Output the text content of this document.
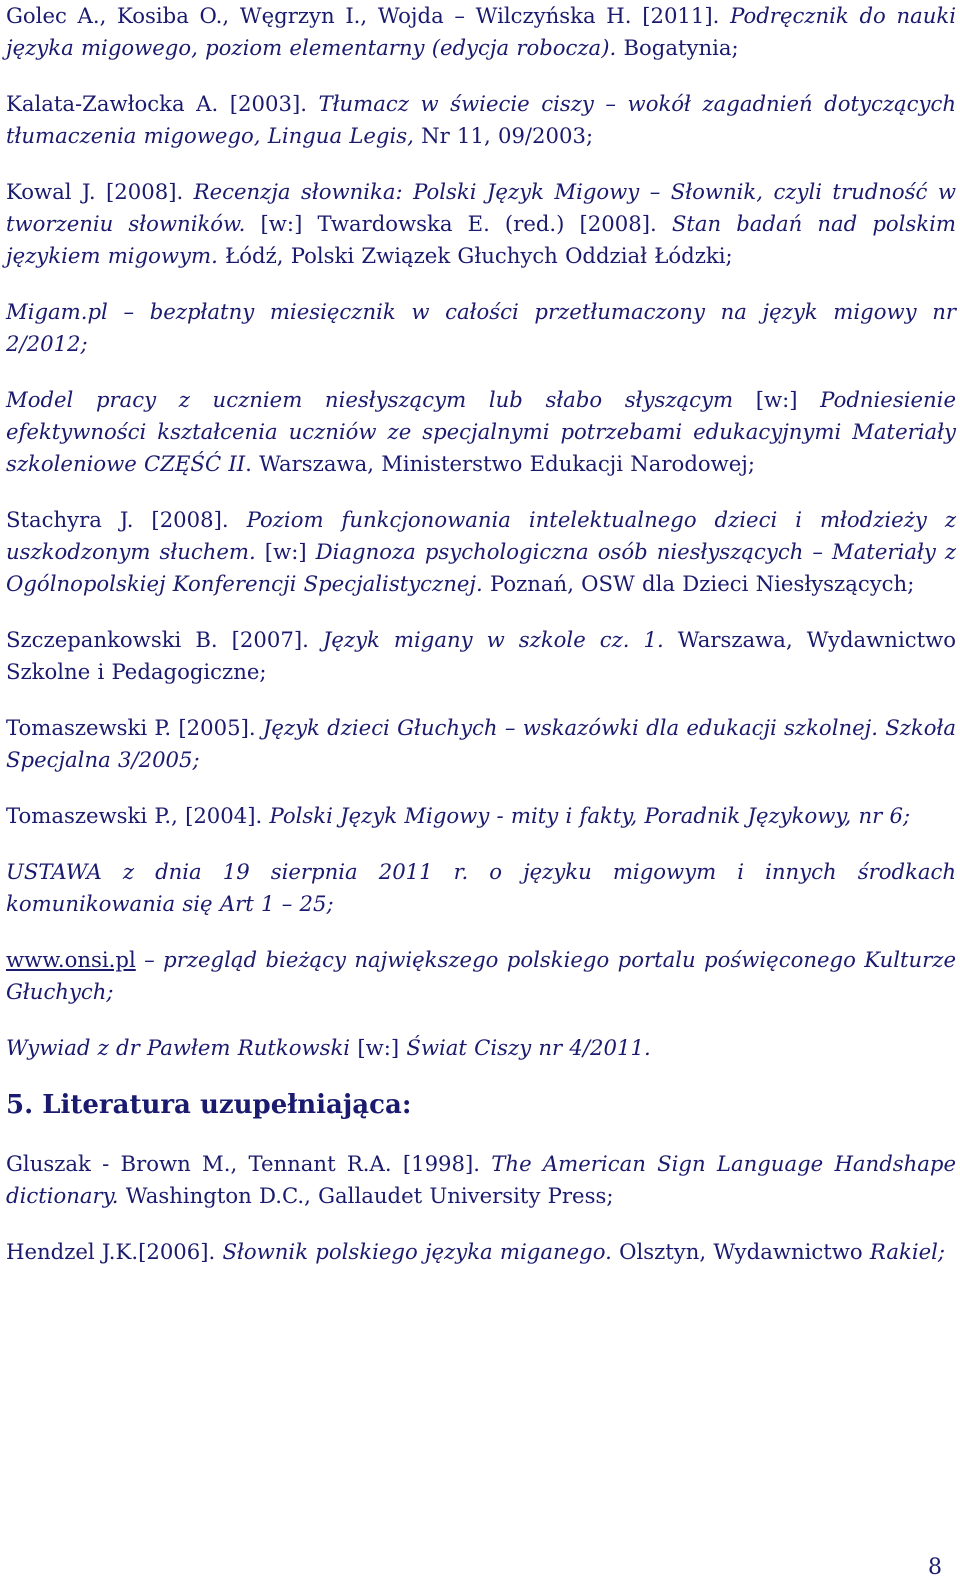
Golec A., Kosiba O., Węgrzyn I., Wojda – Wilczyńska H. [2011]. Podręcznik do nauki języka migowego, poziom elementarny (edycja robocza). Bogatynia;
Kalata-Zawłocka A. [2003]. Tłumacz w świecie ciszy – wokół zagadnień dotyczących tłumaczenia migowego, Lingua Legis, Nr 11, 09/2003;
Kowal J. [2008]. Recenzja słownika: Polski Język Migowy – Słownik, czyli trudność w tworzeniu słowników. [w:] Twardowska E. (red.) [2008]. Stan badań nad polskim językiem migowym. Łódź, Polski Związek Głuchych Oddział Łódzki;
Migam.pl – bezpłatny miesięcznik w całości przetłumaczony na język migowy nr 2/2012;
Model pracy z uczniem niesłyszącym lub słabo słyszącym [w:] Podniesienie efektywności kształcenia uczniów ze specjalnymi potrzebami edukacyjnymi Materiały szkoleniowe CZĘŚĆ II. Warszawa, Ministerstwo Edukacji Narodowej;
Stachyra J. [2008]. Poziom funkcjonowania intelektualnego dzieci i młodzieży z uszkodzonym słuchem. [w:] Diagnoza psychologiczna osób niesłyszących – Materiały z Ogólnopolskiej Konferencji Specjalistycznej. Poznań, OSW dla Dzieci Niesłyszących;
Szczepankowski B. [2007]. Język migany w szkole cz. 1. Warszawa, Wydawnictwo Szkolne i Pedagogiczne;
Tomaszewski P. [2005]. Język dzieci Głuchych – wskazówki dla edukacji szkolnej. Szkoła Specjalna 3/2005;
Tomaszewski P., [2004]. Polski Język Migowy - mity i fakty, Poradnik Językowy, nr 6;
USTAWA z dnia 19 sierpnia 2011 r. o języku migowym i innych środkach komunikowania się Art 1 – 25;
www.onsi.pl – przegląd bieżący największego polskiego portalu poświęconego Kulturze Głuchych;
Wywiad z dr Pawłem Rutkowski [w:] Świat Ciszy nr 4/2011.
5. Literatura uzupełniająca:
Gluszak - Brown M., Tennant R.A. [1998]. The American Sign Language Handshape dictionary. Washington D.C., Gallaudet University Press;
Hendzel J.K.[2006]. Słownik polskiego języka miganego. Olsztyn, Wydawnictwo Rakiel;
8
